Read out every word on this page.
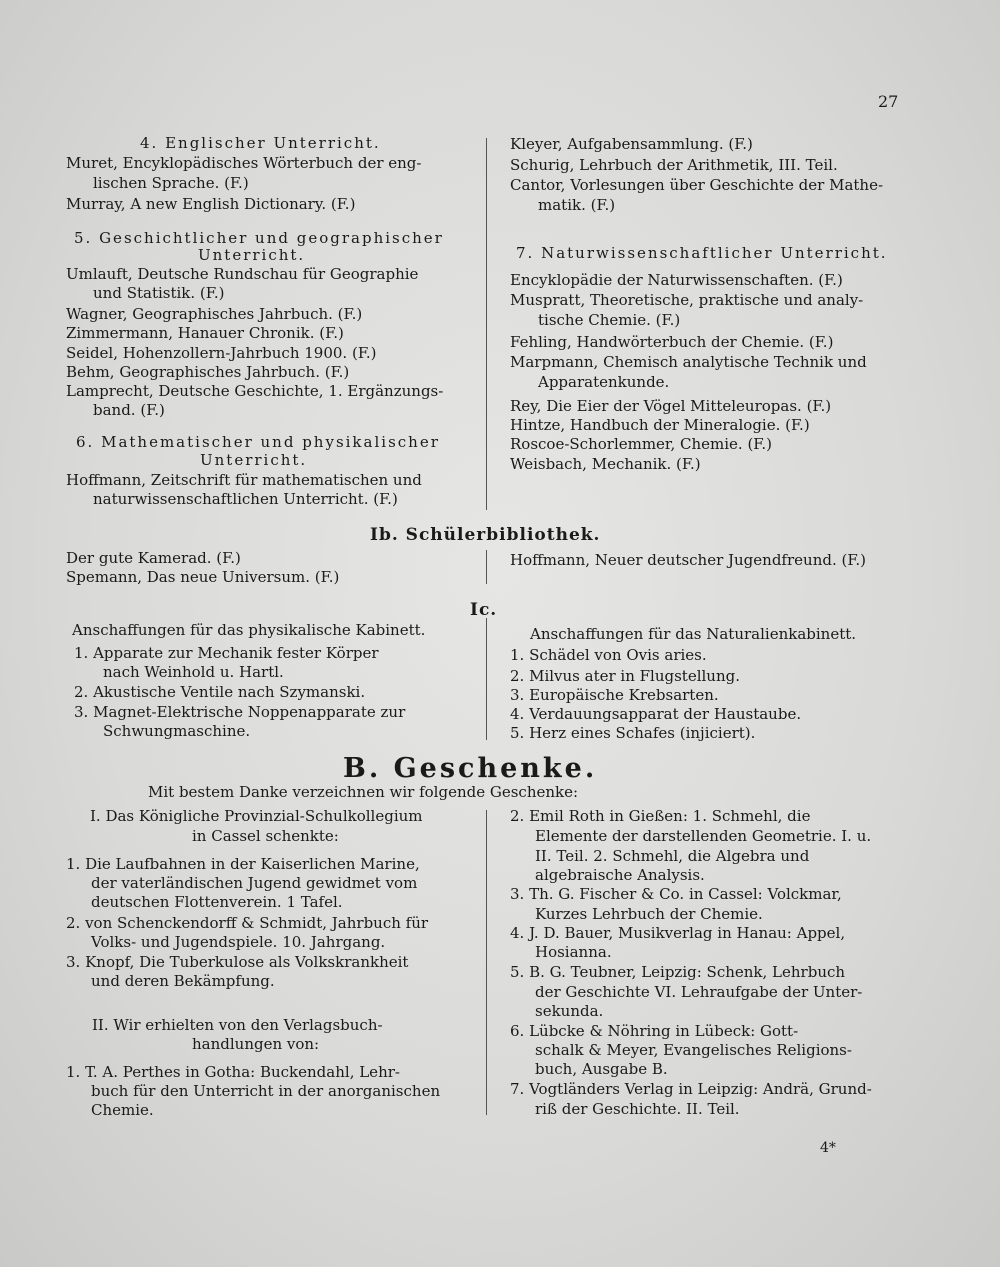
27
4. Englischer Unterricht.
Muret, Encyklopädisches Wörterbuch der eng-
lischen Sprache. (F.)
Murray, A new English Dictionary. (F.)
5. Geschichtlicher und geographischer
Unterricht.
Umlauft, Deutsche Rundschau für Geographie
und Statistik. (F.)
Wagner, Geographisches Jahrbuch. (F.)
Zimmermann, Hanauer Chronik. (F.)
Seidel, Hohenzollern-Jahrbuch 1900. (F.)
Behm, Geographisches Jahrbuch. (F.)
Lamprecht, Deutsche Geschichte, 1. Ergänzungs-
band. (F.)
6. Mathematischer und physikalischer
Unterricht.
Hoffmann, Zeitschrift für mathematischen und
naturwissenschaftlichen Unterricht. (F.)
Kleyer, Aufgabensammlung. (F.)
Schurig, Lehrbuch der Arithmetik, III. Teil.
Cantor, Vorlesungen über Geschichte der Mathe-
matik. (F.)
7. Naturwissenschaftlicher Unterricht.
Encyklopädie der Naturwissenschaften. (F.)
Muspratt, Theoretische, praktische und analy-
tische Chemie. (F.)
Fehling, Handwörterbuch der Chemie. (F.)
Marpmann, Chemisch analytische Technik und
Apparatenkunde.
Rey, Die Eier der Vögel Mitteleuropas. (F.)
Hintze, Handbuch der Mineralogie. (F.)
Roscoe-Schorlemmer, Chemie. (F.)
Weisbach, Mechanik. (F.)
Ib. Schülerbibliothek.
Der gute Kamerad. (F.)
Spemann, Das neue Universum. (F.)
Hoffmann, Neuer deutscher Jugendfreund. (F.)
Ic.
Anschaffungen für das physikalische Kabinett.
1. Apparate zur Mechanik fester Körper
nach Weinhold u. Hartl.
2. Akustische Ventile nach Szymanski.
3. Magnet-Elektrische Noppenapparate zur
Schwungmaschine.
Anschaffungen für das Naturalienkabinett.
1. Schädel von Ovis aries.
2. Milvus ater in Flugstellung.
3. Europäische Krebsarten.
4. Verdauungsapparat der Haustaube.
5. Herz eines Schafes (injiciert).
B. Geschenke.
Mit bestem Danke verzeichnen wir folgende Geschenke:
I. Das Königliche Provinzial-Schulkollegium
in Cassel schenkte:
1. Die Laufbahnen in der Kaiserlichen Marine,
der vaterländischen Jugend gewidmet vom
deutschen Flottenverein. 1 Tafel.
2. von Schenckendorff & Schmidt, Jahrbuch für
Volks- und Jugendspiele. 10. Jahrgang.
3. Knopf, Die Tuberkulose als Volkskrankheit
und deren Bekämpfung.
II. Wir erhielten von den Verlagsbuch-
handlungen von:
1. T. A. Perthes in Gotha: Buckendahl, Lehr-
buch für den Unterricht in der anorganischen
Chemie.
2. Emil Roth in Gießen: 1. Schmehl, die
Elemente der darstellenden Geometrie. I. u.
II. Teil. 2. Schmehl, die Algebra und
algebraische Analysis.
3. Th. G. Fischer & Co. in Cassel: Volckmar,
Kurzes Lehrbuch der Chemie.
4. J. D. Bauer, Musikverlag in Hanau: Appel,
Hosianna.
5. B. G. Teubner, Leipzig: Schenk, Lehrbuch
der Geschichte VI. Lehraufgabe der Unter-
sekunda.
6. Lübcke & Nöhring in Lübeck: Gott-
schalk & Meyer, Evangelisches Religions-
buch, Ausgabe B.
7. Vogtländers Verlag in Leipzig: Andrä, Grund-
riß der Geschichte. II. Teil.
4*
